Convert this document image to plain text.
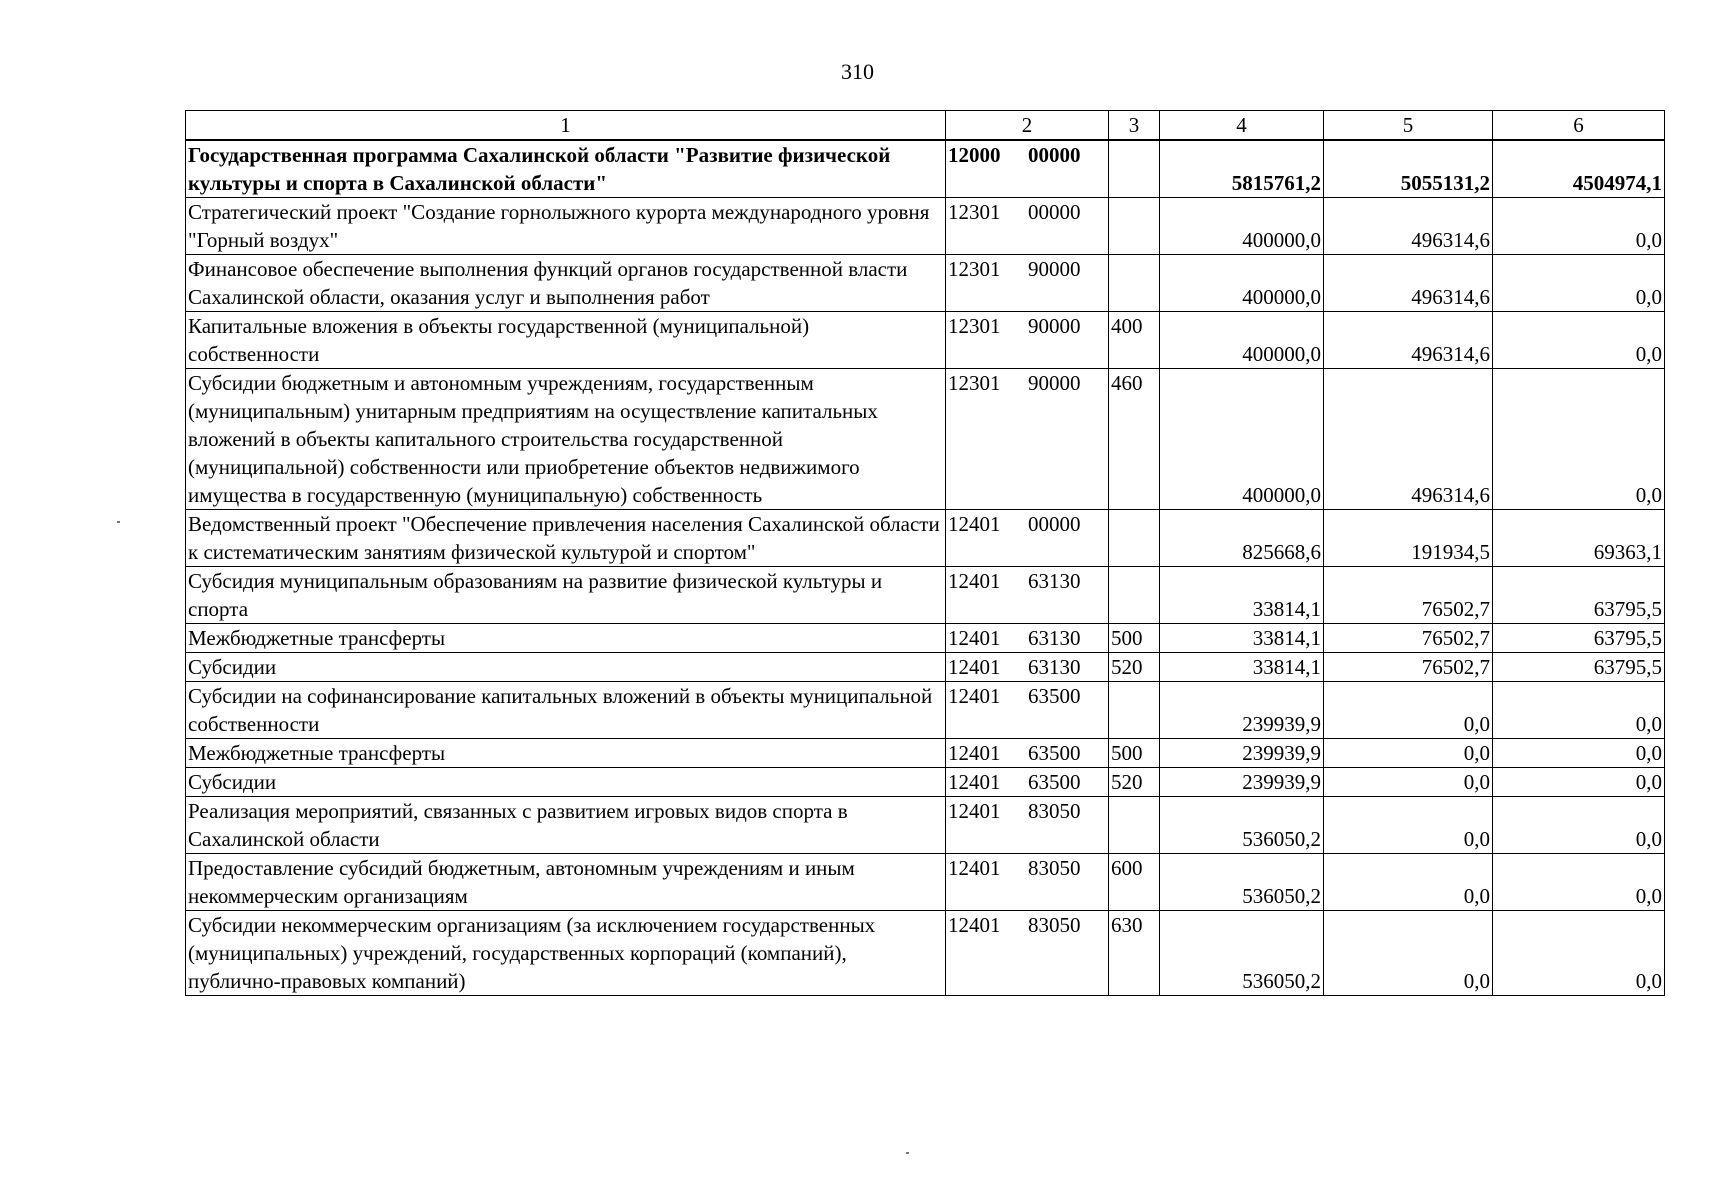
310
1	2	3	4	5	6
Государственная программа Сахалинской области "Развитие физической культуры и спорта в Сахалинской области"	12000 00000		5815761,2	5055131,2	4504974,1
Стратегический проект "Создание горнолыжного курорта международного уровня "Горный воздух"	12301 00000		400000,0	496314,6	0,0
Финансовое обеспечение выполнения функций органов государственной власти Сахалинской области, оказания услуг и выполнения работ	12301 90000		400000,0	496314,6	0,0
Капитальные вложения в объекты государственной (муниципальной) собственности	12301 90000	400	400000,0	496314,6	0,0
Субсидии бюджетным и автономным учреждениям, государственным (муниципальным) унитарным предприятиям на осуществление капитальных вложений в объекты капитального строительства государственной (муниципальной) собственности или приобретение объектов недвижимого имущества в государственную (муниципальную) собственность	12301 90000	460	400000,0	496314,6	0,0
Ведомственный проект "Обеспечение привлечения населения Сахалинской области к систематическим занятиям физической культурой и спортом"	12401 00000		825668,6	191934,5	69363,1
Субсидия муниципальным образованиям на развитие физической культуры и спорта	12401 63130		33814,1	76502,7	63795,5
Межбюджетные трансферты	12401 63130	500	33814,1	76502,7	63795,5
Субсидии	12401 63130	520	33814,1	76502,7	63795,5
Субсидии на софинансирование капитальных вложений в объекты муниципальной собственности	12401 63500		239939,9	0,0	0,0
Межбюджетные трансферты	12401 63500	500	239939,9	0,0	0,0
Субсидии	12401 63500	520	239939,9	0,0	0,0
Реализация мероприятий, связанных с развитием игровых видов спорта в Сахалинской области	12401 83050		536050,2	0,0	0,0
Предоставление субсидий бюджетным, автономным учреждениям и иным некоммерческим организациям	12401 83050	600	536050,2	0,0	0,0
Субсидии некоммерческим организациям (за исключением государственных (муниципальных) учреждений, государственных корпораций (компаний), публично-правовых компаний)	12401 83050	630	536050,2	0,0	0,0
